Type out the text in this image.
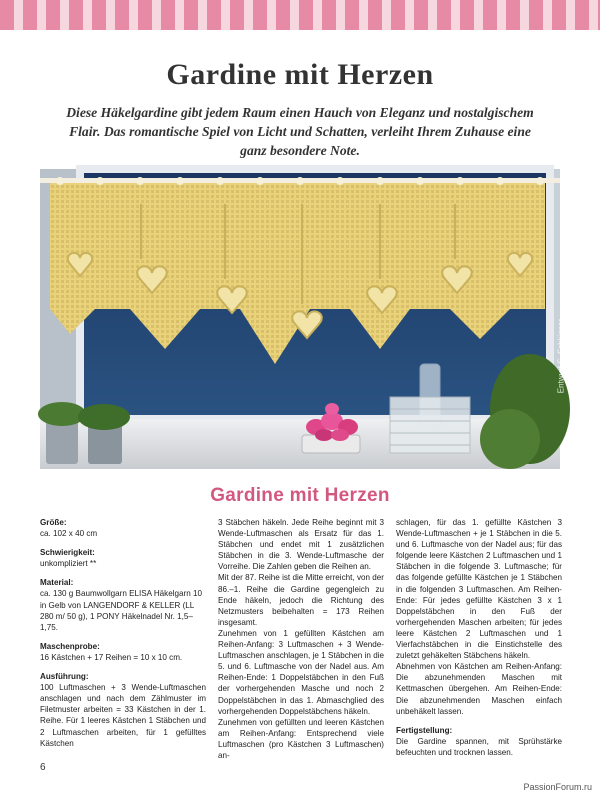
Gardine mit Herzen

Diese Häkelgardine gibt jedem Raum einen Hauch von Eleganz und nostalgischem Flair. Das romantische Spiel von Licht und Schatten, verleiht Ihrem Zuhause eine ganz besondere Note.

Entwurf S. Schlüsser
Gardine mit Herzen
Größe:
ca. 102 x 40 cm
Schwierigkeit:
unkompliziert **
Material:
ca. 130 g Baumwollgarn ELISA Häkelgarn 10 in Gelb von LANGENDORF & KELLER (LL 280 m/ 50 g), 1 PONY Häkelnadel Nr. 1,5–1,75.
Maschenprobe:
16 Kästchen + 17 Reihen = 10 x 10 cm.
Ausführung:
100 Luftmaschen + 3 Wende-Luftmaschen anschlagen und nach dem Zählmuster im Filetmuster arbeiten = 33 Kästchen in der 1. Reihe. Für 1 leeres Kästchen 1 Stäbchen und 2 Luftmaschen arbeiten, für 1 gefülltes Kästchen
3 Stäbchen häkeln. Jede Reihe beginnt mit 3 Wende-Luftmaschen als Ersatz für das 1. Stäbchen und endet mit 1 zusätzlichen Stäbchen in die 3. Wende-Luftmasche der Vorreihe. Die Zahlen geben die Reihen an.
Mit der 87. Reihe ist die Mitte erreicht, von der 86.–1. Reihe die Gardine gegengleich zu Ende häkeln, jedoch die Richtung des Netzmusters beibehalten = 173 Reihen insgesamt.
Zunehmen von 1 gefüllten Kästchen am Reihen-Anfang: 3 Luftmaschen + 3 Wende-Luftmaschen anschlagen, je 1 Stäbchen in die 5. und 6. Luftmasche von der Nadel aus. Am Reihen-Ende: 1 Doppelstäbchen in den Fuß der vorhergehenden Masche und noch 2 Doppelstäbchen in das 1. Abmaschglied des vorhergehenden Doppelstäbchens häkeln.
Zunehmen von gefüllten und leeren Kästchen am Reihen-Anfang: Entsprechend viele Luftmaschen (pro Kästchen 3 Luftmaschen) an-
schlagen, für das 1. gefüllte Kästchen 3 Wende-Luftmaschen + je 1 Stäbchen in die 5. und 6. Luftmasche von der Nadel aus; für das folgende leere Kästchen 2 Luftmaschen und 1 Stäbchen in die folgende 3. Luftmasche; für das folgende gefüllte Kästchen je 1 Stäbchen in die folgenden 3 Luftmaschen. Am Reihen-Ende: Für jedes gefüllte Kästchen 3 x 1 Doppelstäbchen in den Fuß der vorhergehenden Maschen arbeiten; für jedes leere Kästchen 2 Luftmaschen und 1 Vierfachstäbchen in die Einstichstelle des zuletzt gehäkelten Stäbchens häkeln.
Abnehmen von Kästchen am Reihen-Anfang: Die abzunehmenden Maschen mit Kettmaschen übergehen. Am Reihen-Ende: Die abzunehmenden Maschen einfach unbehäkelt lassen.
Fertigstellung:
Die Gardine spannen, mit Sprühstärke befeuchten und trocknen lassen.
6
PassionForum.ru
